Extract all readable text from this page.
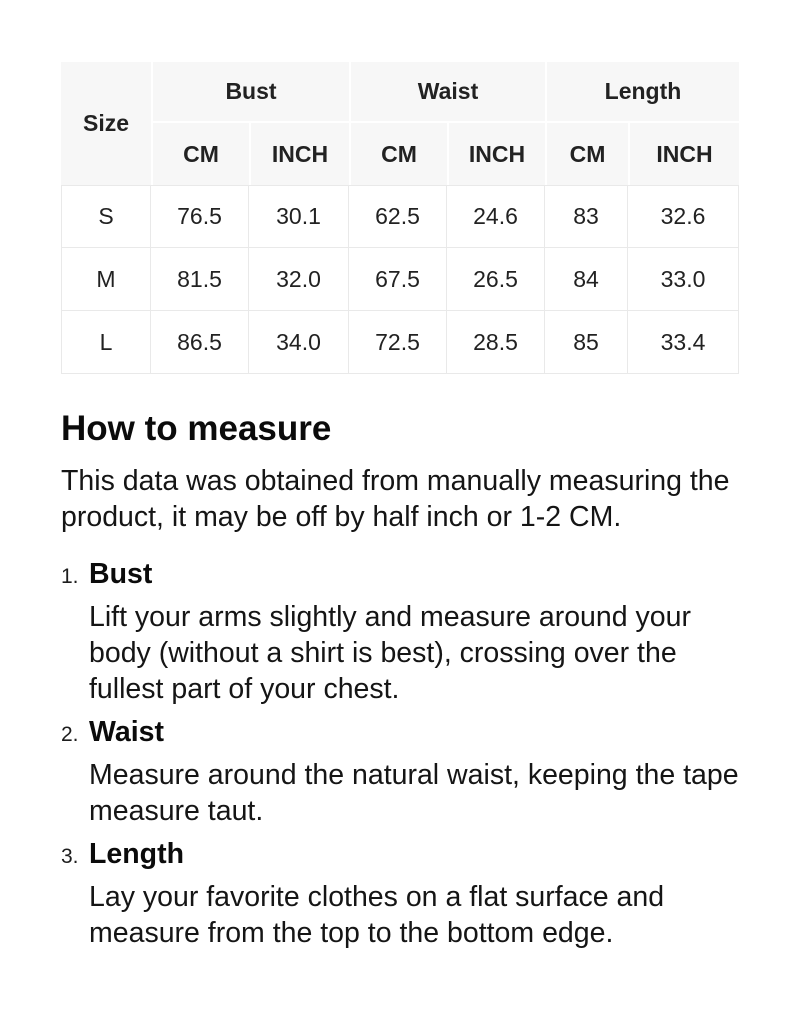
Size	Bust		Waist		Length	
	CM	INCH	CM	INCH	CM	INCH
S	76.5	30.1	62.5	24.6	83	32.6
M	81.5	32.0	67.5	26.5	84	33.0
L	86.5	34.0	72.5	28.5	85	33.4
How to measure

This data was obtained from manually measuring the product, it may be off by half inch or 1-2 CM.

1. Bust

Lift your arms slightly and measure around your body (without a shirt is best), crossing over the fullest part of your chest.

2. Waist

Measure around the natural waist, keeping the tape measure taut.

3. Length

Lay your favorite clothes on a flat surface and measure from the top to the bottom edge.
